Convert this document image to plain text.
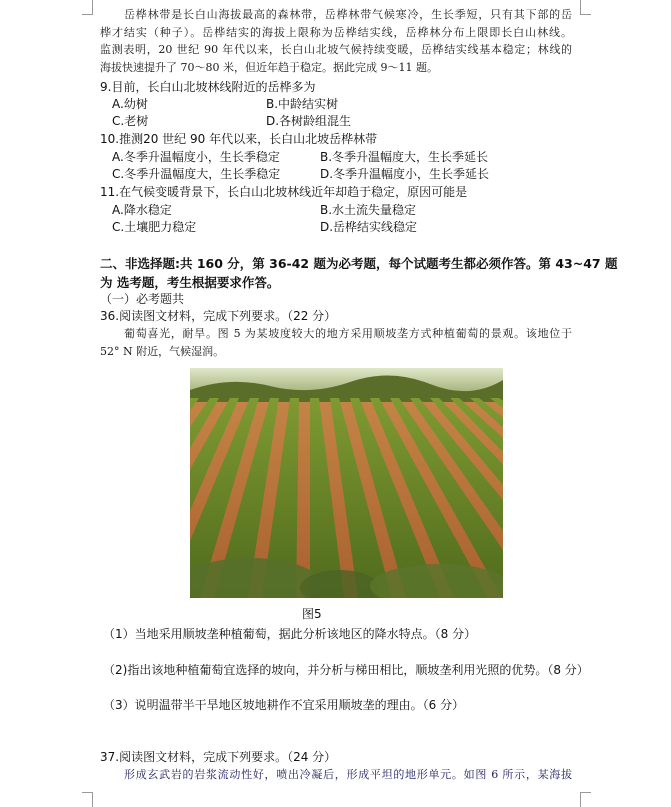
岳桦林带是长白山海拔最高的森林带，岳桦林带气候寒冷，生长季短，只有其下部的岳
桦才结实（种子）。岳桦结实的海拔上限称为岳桦结实线，岳桦林分布上限即长白山林线。
监测表明，20 世纪 90 年代以来，长白山北坡气候持续变暖，岳桦结实线基本稳定；林线的
海拔快速提升了 70～80 米，但近年趋于稳定。据此完成 9～11 题。
9.目前，长白山北坡林线附近的岳桦多为
A.幼树	B.中龄结实树
C.老树	D.各树龄组混生
10.推测20 世纪 90 年代以来，长白山北坡岳桦林带
A.冬季升温幅度小，生长季稳定	B.冬季升温幅度大，生长季延长
C.冬季升温幅度大，生长季稳定	D.冬季升温幅度小，生长季延长
11.在气候变暖背景下，长白山北坡林线近年却趋于稳定，原因可能是
A.降水稳定	B.水土流失量稳定
C.土壤肥力稳定	D.岳桦结实线稳定
二、非选择题:共 160 分，第 36-42 题为必考题，每个试题考生都必须作答。第 43~47 题
为 选考题，考生根据要求作答。
（一）必考题共
36.阅读图文材料，完成下列要求。（22 分）
葡萄喜光，耐旱。图 5 为某坡度较大的地方采用顺坡垄方式种植葡萄的景观。该地位于
52° N 附近，气候湿润。
图5
（1）当地采用顺坡垄种植葡萄，据此分析该地区的降水特点。（8 分）
（2)指出该地种植葡萄宜选择的坡向，并分析与梯田相比，顺坡垄利用光照的优势。（8 分）
（3）说明温带半干旱地区坡地耕作不宜采用顺坡垄的理由。（6 分）
37.阅读图文材料，完成下列要求。（24 分）
形成玄武岩的岩浆流动性好，喷出冷凝后，形成平坦的地形单元。如图 6 所示，某海拔
